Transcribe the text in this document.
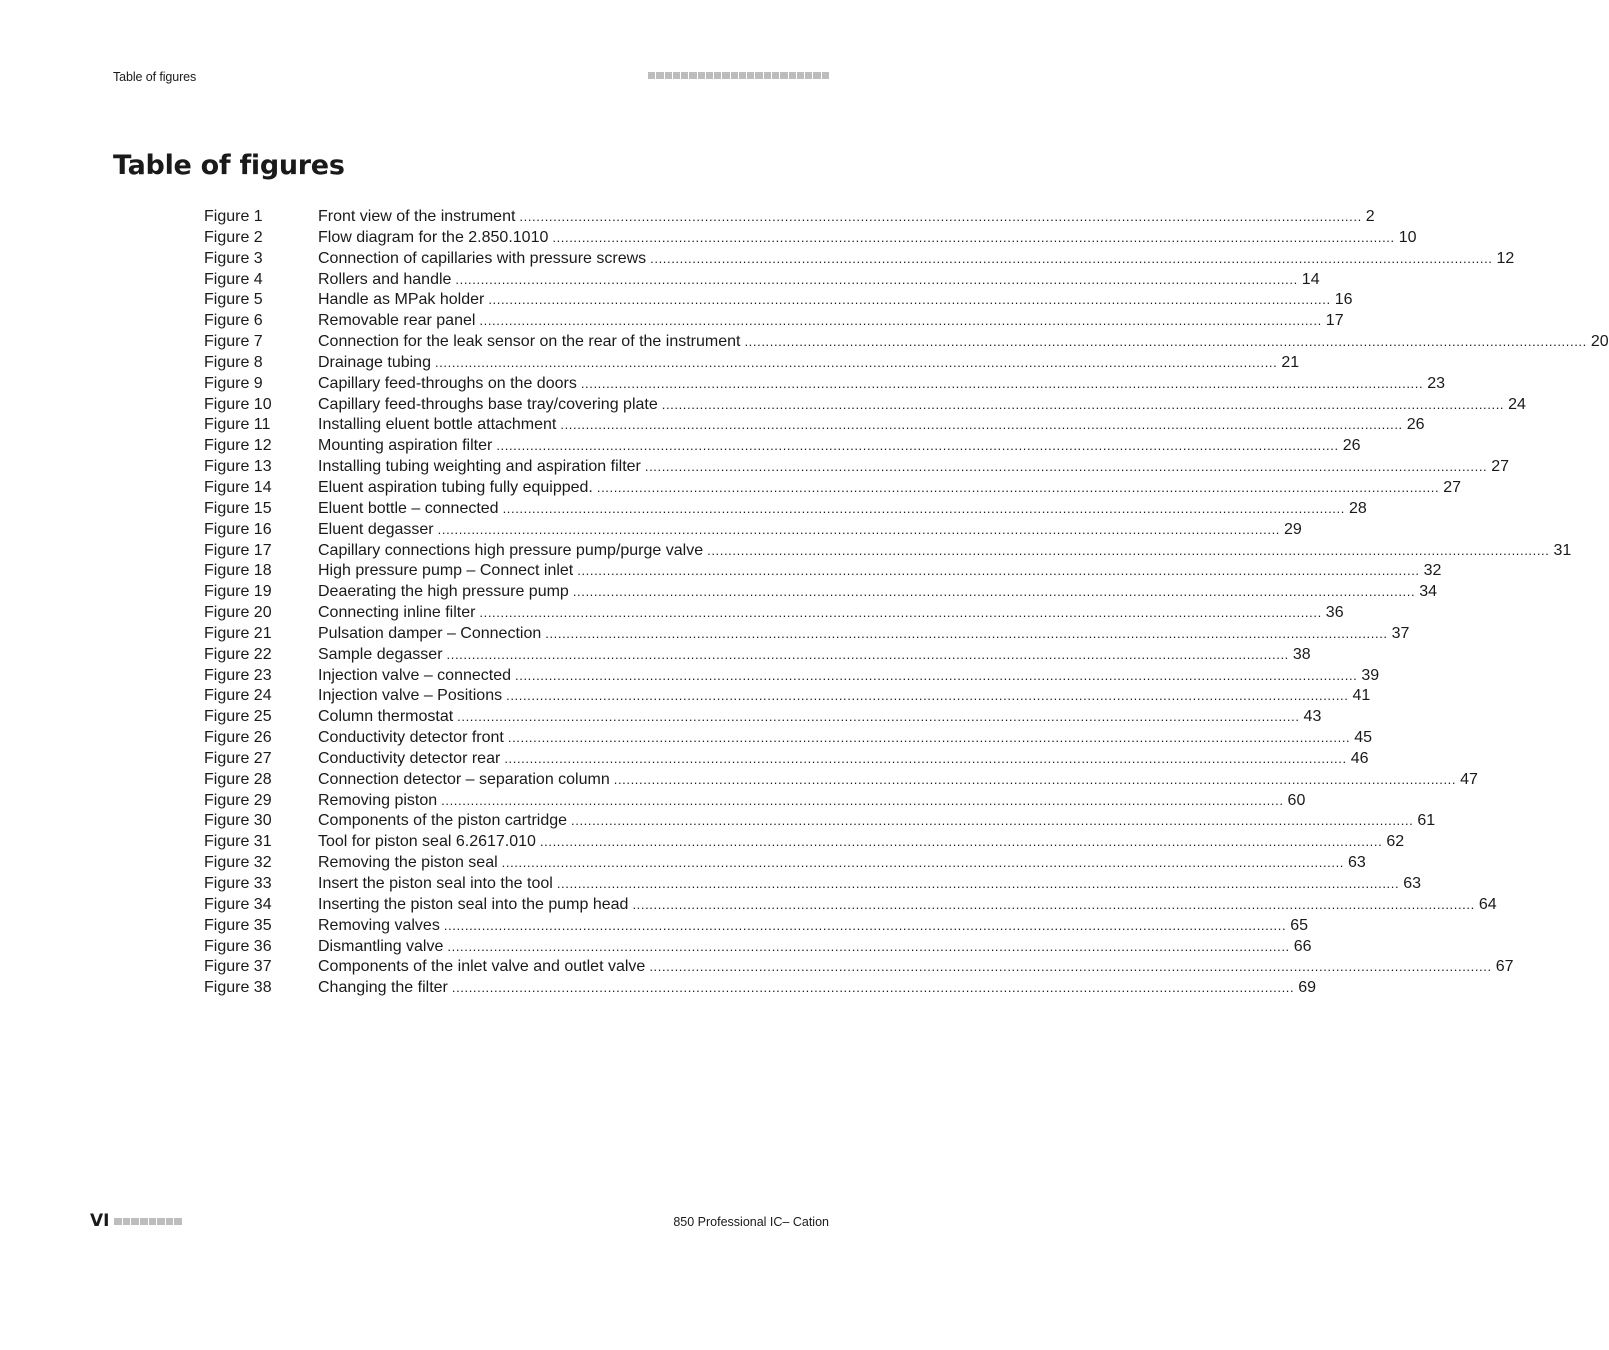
Table of figures
Table of figures
Figure 1	Front view of the instrument .....	2
Figure 2	Flow diagram for the 2.850.1010 .....	10
Figure 3	Connection of capillaries with pressure screws .....	12
Figure 4	Rollers and handle .....	14
Figure 5	Handle as MPak holder .....	16
Figure 6	Removable rear panel .....	17
Figure 7	Connection for the leak sensor on the rear of the instrument .....	20
Figure 8	Drainage tubing .....	21
Figure 9	Capillary feed-throughs on the doors .....	23
Figure 10	Capillary feed-throughs base tray/covering plate .....	24
Figure 11	Installing eluent bottle attachment .....	26
Figure 12	Mounting aspiration filter .....	26
Figure 13	Installing tubing weighting and aspiration filter .....	27
Figure 14	Eluent aspiration tubing fully equipped. .....	27
Figure 15	Eluent bottle – connected .....	28
Figure 16	Eluent degasser .....	29
Figure 17	Capillary connections high pressure pump/purge valve .....	31
Figure 18	High pressure pump – Connect inlet .....	32
Figure 19	Deaerating the high pressure pump .....	34
Figure 20	Connecting inline filter .....	36
Figure 21	Pulsation damper – Connection .....	37
Figure 22	Sample degasser .....	38
Figure 23	Injection valve – connected .....	39
Figure 24	Injection valve – Positions .....	41
Figure 25	Column thermostat .....	43
Figure 26	Conductivity detector front .....	45
Figure 27	Conductivity detector rear .....	46
Figure 28	Connection detector – separation column .....	47
Figure 29	Removing piston .....	60
Figure 30	Components of the piston cartridge .....	61
Figure 31	Tool for piston seal 6.2617.010 .....	62
Figure 32	Removing the piston seal .....	63
Figure 33	Insert the piston seal into the tool .....	63
Figure 34	Inserting the piston seal into the pump head .....	64
Figure 35	Removing valves .....	65
Figure 36	Dismantling valve .....	66
Figure 37	Components of the inlet valve and outlet valve .....	67
Figure 38	Changing the filter .....	69
VI	850 Professional IC– Cation
